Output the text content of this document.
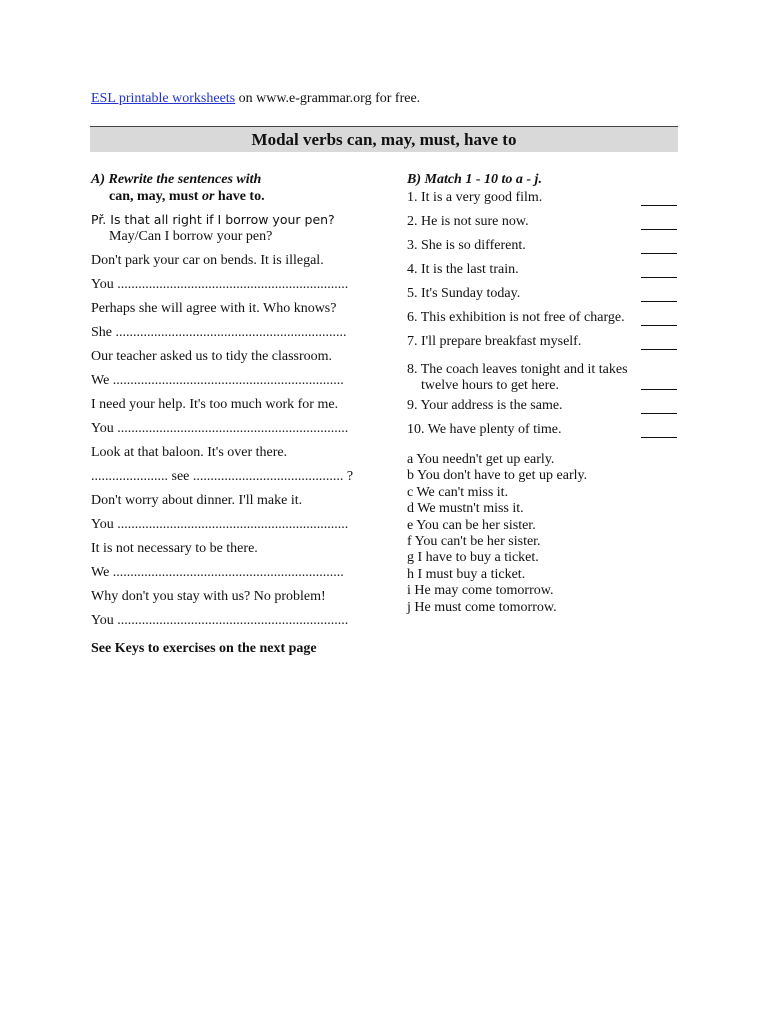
ESL printable worksheets on www.e-grammar.org for free.
Modal verbs can, may, must, have to
A) Rewrite the sentences with
can, may, must or have to.
Př. Is that all right if I borrow your pen?
May/Can I borrow your pen?
Don't park your car on bends. It is illegal.
You ..................................................................
Perhaps she will agree with it. Who knows?
She ..................................................................
Our teacher asked us to tidy the classroom.
We ..................................................................
I need your help. It's too much work for me.
You ..................................................................
Look at that baloon. It's over there.
...................... see ........................................... ?
Don't worry about dinner. I'll make it.
You ..................................................................
It is not necessary to be there.
We ..................................................................
Why don't you stay with us? No problem!
You ..................................................................
See Keys to exercises on the next page
B) Match 1 - 10 to a - j.
1. It is a very good film.
2. He is not sure now.
3. She is so different.
4. It is the last train.
5. It's Sunday today.
6. This exhibition is not free of charge.
7. I'll prepare breakfast myself.
8. The coach leaves tonight and it takes
twelve hours to get here.
9. Your address is the same.
10. We have plenty of time.
a You needn't get up early.
b You don't have to get up early.
c We can't miss it.
d We mustn't miss it.
e You can be her sister.
f You can't be her sister.
g I have to buy a ticket.
h I must buy a ticket.
i He may come tomorrow.
j He must come tomorrow.
